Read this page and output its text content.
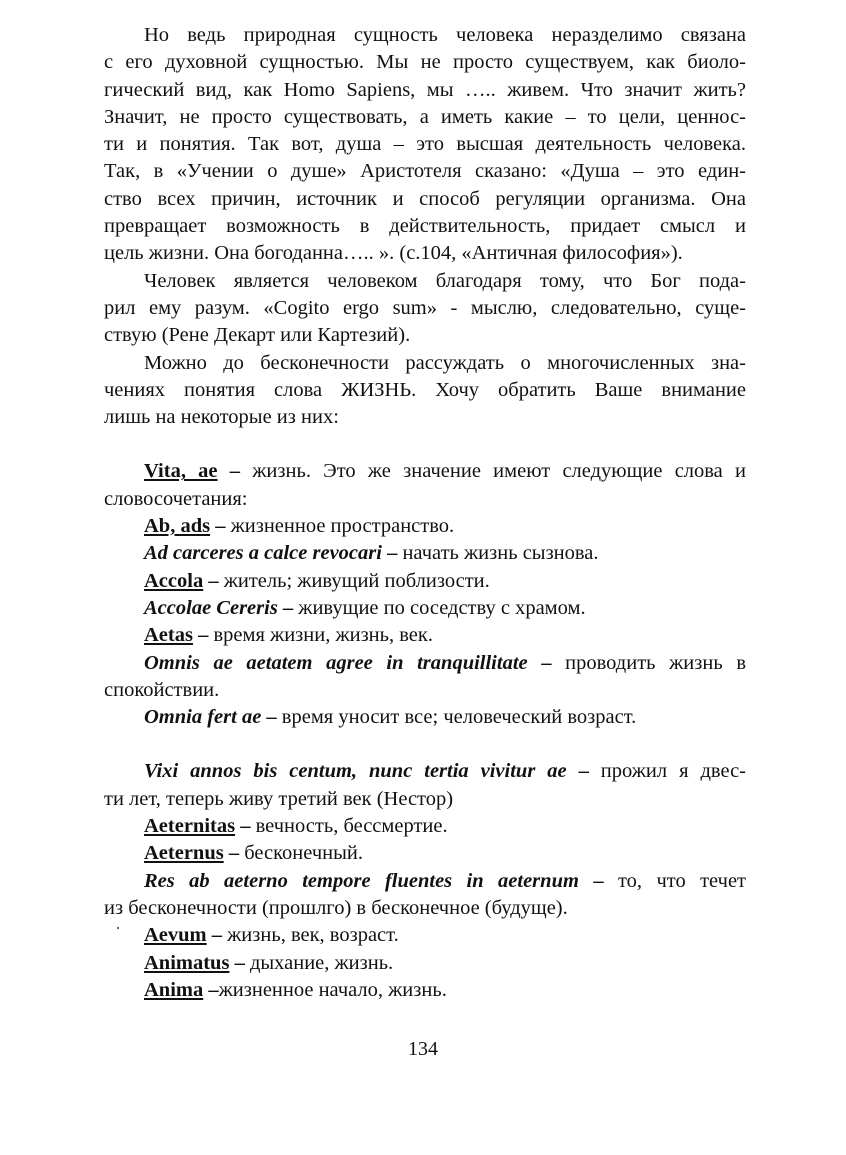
Но ведь природная сущность человека неразделимо связана
с его духовной сущностью. Мы не просто существуем, как биоло-
гический вид, как Homo Sapiens, мы ….. живем. Что значит жить?
Значит, не просто существовать, а иметь какие – то цели, ценнос-
ти и понятия. Так вот, душа – это высшая деятельность человека.
Так, в «Учении о душе» Аристотеля сказано: «Душа – это един-
ство всех причин, источник и способ регуляции организма. Она
превращает возможность в действительность, придает смысл и
цель жизни. Она богоданна….. ». (с.104, «Античная философия»).
Человек является человеком благодаря тому, что Бог пода-
рил ему разум. «Cogito ergo sum» - мыслю, следовательно, суще-
ствую (Рене Декарт или Картезий).
Можно до бесконечности рассуждать о многочисленных зна-
чениях понятия слова ЖИЗНЬ. Хочу обратить Ваше внимание
лишь на некоторые из них:
Vita, ae – жизнь. Это же значение имеют следующие слова и
словосочетания:
Ab, ads – жизненное пространство.
Ad carceres a calce revocari – начать жизнь сызнова.
Accola – житель; живущий поблизости.
Accolae Cereris – живущие по соседству с храмом.
Aetas – время жизни, жизнь, век.
Omnis ae aetatem agree in tranquillitate – проводить жизнь в
спокойствии.
Omnia fert ae – время уносит все; человеческий возраст.
Vixi annos bis centum, nunc tertia vivitur ae – прожил я двес-
ти лет, теперь живу третий век (Нестор)
Aeternitas – вечность, бессмертие.
Aeternus – бесконечный.
Res ab aeterno tempore fluentes in aeternum – то, что течет
из бесконечности (прошлго) в бесконечное (будуще).
Aevum – жизнь, век, возраст.
Animatus – дыхание, жизнь.
Anima –жизненное начало, жизнь.
134
